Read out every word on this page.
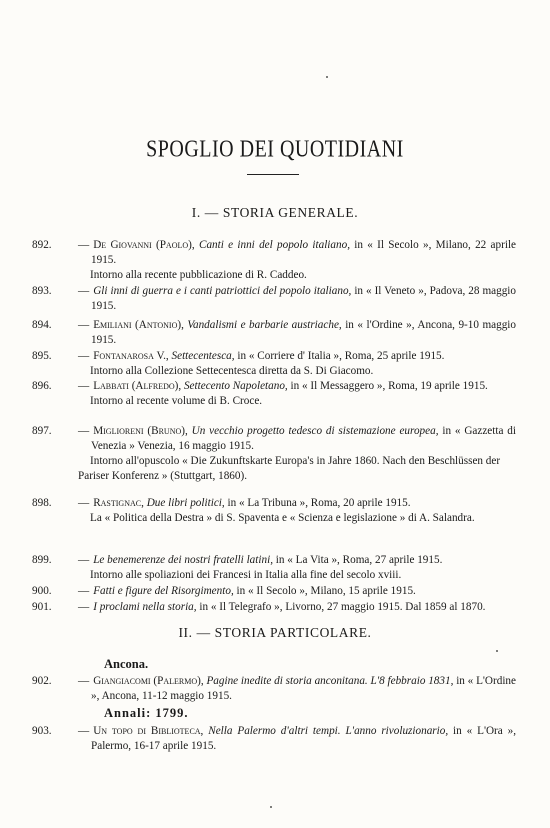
SPOGLIO DEI QUOTIDIANI
I. — STORIA GENERALE.
892.	— De Giovanni (Paolo), Canti e inni del popolo italiano, in « Il Secolo », Milano, 22 aprile 1915.
Intorno alla recente pubblicazione di R. Caddeo.
893.	— Gli inni di guerra e i canti patriottici del popolo italiano, in « Il Veneto », Padova, 28 maggio 1915.
894.	— Emiliani (Antonio), Vandalismi e barbarie austriache, in « l'Ordine », Ancona, 9-10 maggio 1915.
895.	— Fontanarosa V., Settecentesca, in « Corriere d' Italia », Roma, 25 aprile 1915.
Intorno alla Collezione Settecentesca diretta da S. Di Giacomo.
896.	— Labbati (Alfredo), Settecento Napoletano, in « Il Messaggero », Roma, 19 aprile 1915.
Intorno al recente volume di B. Croce.
897.	— Miglioreni (Bruno), Un vecchio progetto tedesco di sistemazione europea, in « Gazzetta di Venezia » Venezia, 16 maggio 1915.
Intorno all'opuscolo « Die Zukunftskarte Europa's in Jahre 1860. Nach den Beschlüssen der Pariser Konferenz » (Stuttgart, 1860).
898.	— Rastignac, Due libri politici, in « La Tribuna », Roma, 20 aprile 1915.
La « Politica della Destra » di S. Spaventa e « Scienza e legislazione » di A. Salandra.
899.	— Le benemerenze dei nostri fratelli latini, in « La Vita », Roma, 27 aprile 1915.
Intorno alle spoliazioni dei Francesi in Italia alla fine del secolo xviii.
900.	— Fatti e figure del Risorgimento, in « Il Secolo », Milano, 15 aprile 1915.
901.	— I proclami nella storia, in « Il Telegrafo », Livorno, 27 maggio 1915. Dal 1859 al 1870.
II. — STORIA PARTICOLARE.
Ancona.
902.	— Giangiacomi (Palermo), Pagine inedite di storia anconitana. L'8 febbraio 1831, in « L'Ordine », Ancona, 11-12 maggio 1915.
Annali: 1799.
903.	— Un topo di Biblioteca, Nella Palermo d'altri tempi. L'anno rivoluzionario, in « L'Ora », Palermo, 16-17 aprile 1915.
